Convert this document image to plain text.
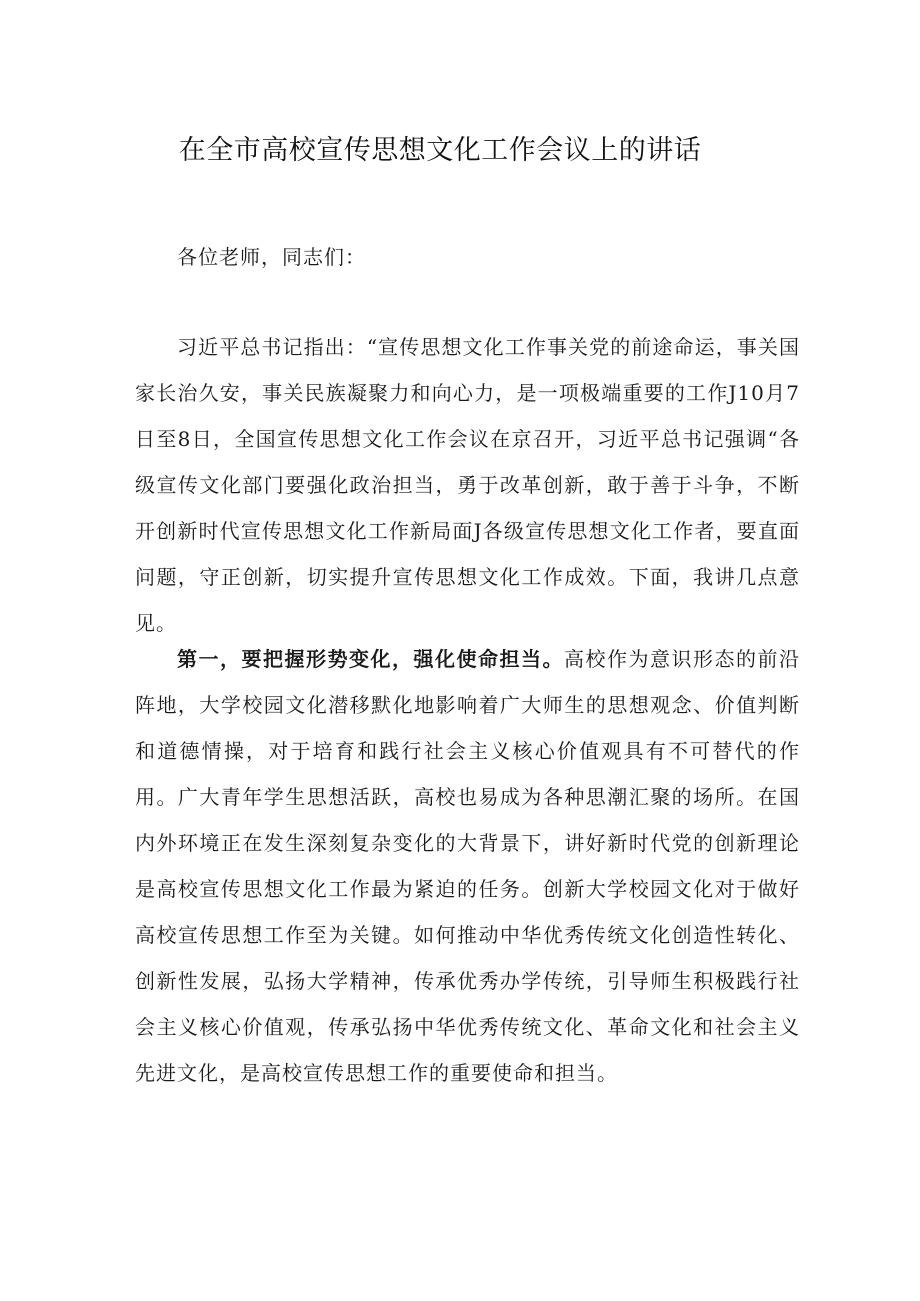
在全市高校宣传思想文化工作会议上的讲话

各位老师，同志们：

习近平总书记指出：“宣传思想文化工作事关党的前途命运，事关国家长治久安，事关民族凝聚力和向心力，是一项极端重要的工作J10月7日至8日，全国宣传思想文化工作会议在京召开，习近平总书记强调“各级宣传文化部门要强化政治担当，勇于改革创新，敢于善于斗争，不断开创新时代宣传思想文化工作新局面J各级宣传思想文化工作者，要直面问题，守正创新，切实提升宣传思想文化工作成效。下面，我讲几点意见。

第一，要把握形势变化，强化使命担当。高校作为意识形态的前沿阵地，大学校园文化潜移默化地影响着广大师生的思想观念、价值判断和道德情操，对于培育和践行社会主义核心价值观具有不可替代的作用。广大青年学生思想活跃，高校也易成为各种思潮汇聚的场所。在国内外环境正在发生深刻复杂变化的大背景下，讲好新时代党的创新理论是高校宣传思想文化工作最为紧迫的任务。创新大学校园文化对于做好高校宣传思想工作至为关键。如何推动中华优秀传统文化创造性转化、创新性发展，弘扬大学精神，传承优秀办学传统，引导师生积极践行社会主义核心价值观，传承弘扬中华优秀传统文化、革命文化和社会主义先进文化，是高校宣传思想工作的重要使命和担当。
